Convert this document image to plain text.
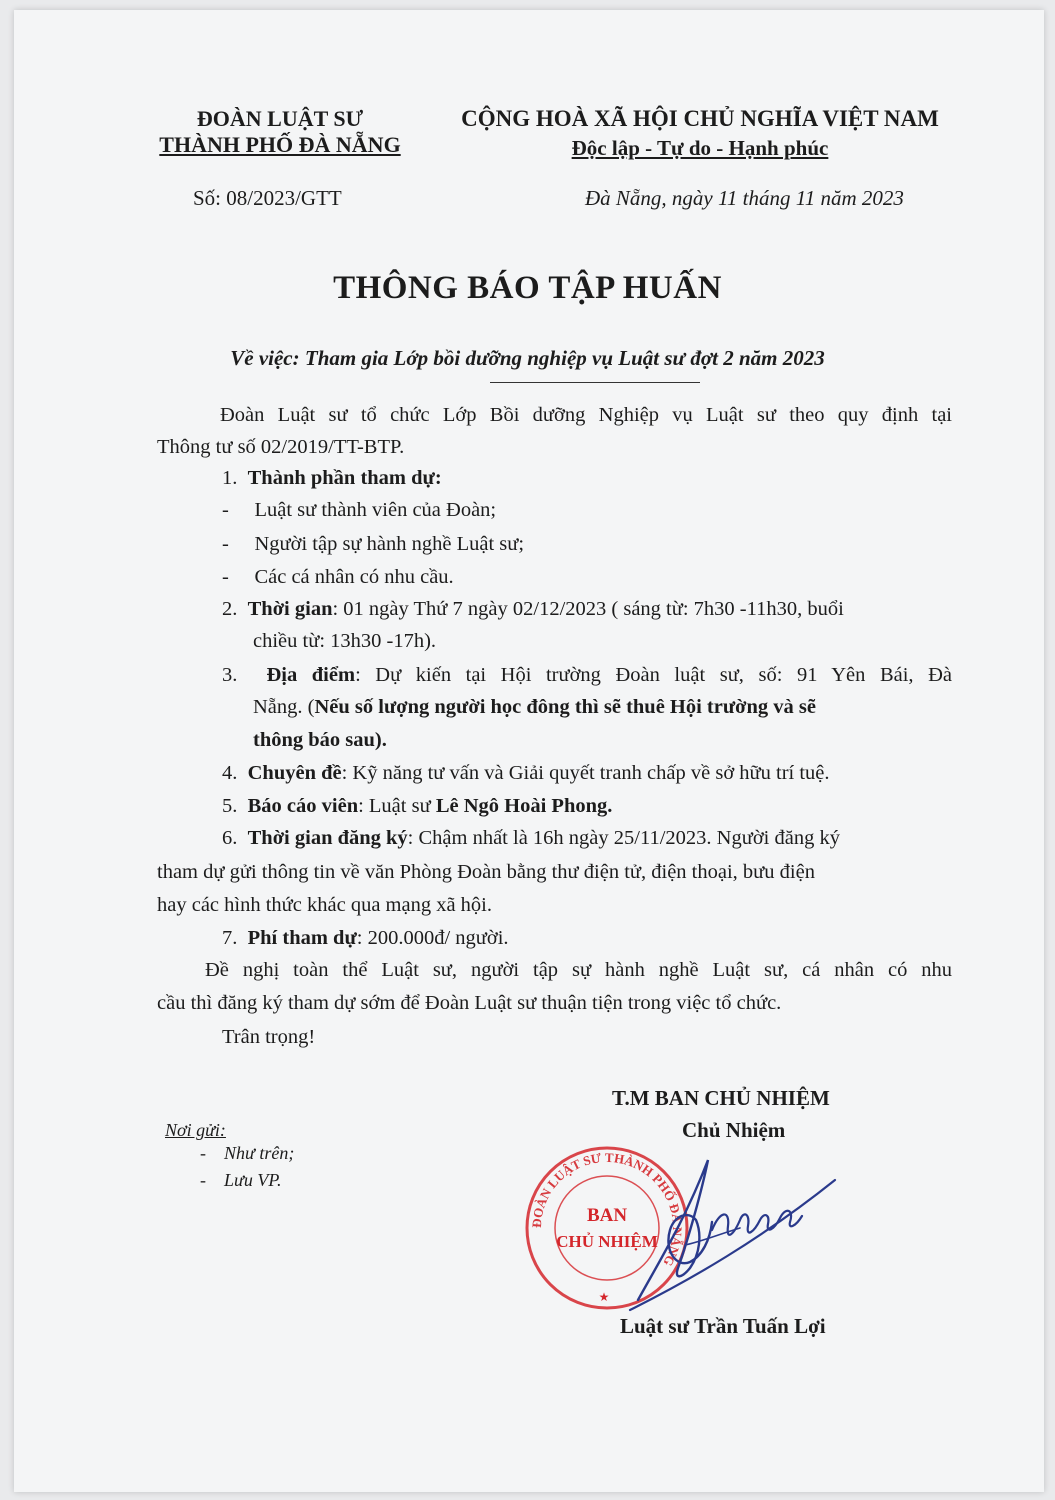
ĐOÀN LUẬT SƯ
THÀNH PHỐ ĐÀ NẴNG
CỘNG HOÀ XÃ HỘI CHỦ NGHĨA VIỆT NAM
Độc lập - Tự do - Hạnh phúc
Số: 08/2023/GTT	Đà Nẵng, ngày 11 tháng 11 năm 2023
THÔNG BÁO TẬP HUẤN
Về việc: Tham gia Lớp bồi dưỡng nghiệp vụ Luật sư đợt 2 năm 2023
Đoàn Luật sư tổ chức Lớp Bồi dưỡng Nghiệp vụ Luật sư theo quy định tại
Thông tư số 02/2019/TT-BTP.
1. Thành phần tham dự:
-     Luật sư thành viên của Đoàn;
-     Người tập sự hành nghề Luật sư;
-     Các cá nhân có nhu cầu.
2. Thời gian: 01 ngày Thứ 7 ngày 02/12/2023 ( sáng từ: 7h30 -11h30, buổi
chiều từ: 13h30 -17h).
3. Địa điểm: Dự kiến tại Hội trường Đoàn luật sư, số: 91 Yên Bái, Đà
Nẵng. (Nếu số lượng người học đông thì sẽ thuê Hội trường và sẽ
thông báo sau).
4. Chuyên đề: Kỹ năng tư vấn và Giải quyết tranh chấp về sở hữu trí tuệ.
5. Báo cáo viên: Luật sư Lê Ngô Hoài Phong.
6. Thời gian đăng ký: Chậm nhất là 16h ngày 25/11/2023. Người đăng ký
tham dự gửi thông tin về văn Phòng Đoàn bằng thư điện tử, điện thoại, bưu điện
hay các hình thức khác qua mạng xã hội.
7. Phí tham dự: 200.000đ/ người.
Đề nghị toàn thể Luật sư, người tập sự hành nghề Luật sư, cá nhân có nhu
cầu thì đăng ký tham dự sớm để Đoàn Luật sư thuận tiện trong việc tổ chức.
Trân trọng!
T.M BAN CHỦ NHIỆM
Chủ Nhiệm
Luật sư Trần Tuấn Lợi
Nơi gửi:
-    Như trên;
-    Lưu VP.
ĐOÀN LUẬT SƯ THÀNH PHỐ ĐÀ NẴNG
BAN
CHỦ NHIỆM
★
